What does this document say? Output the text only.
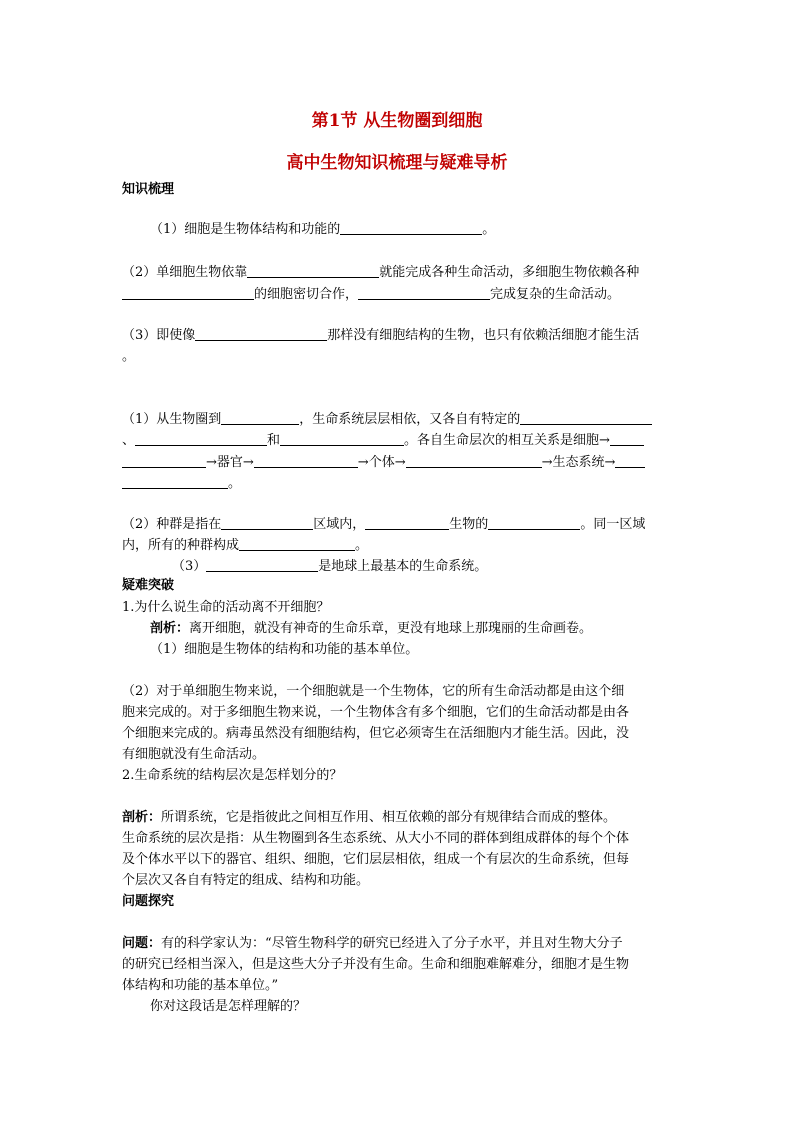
第1节 从生物圈到细胞
高中生物知识梳理与疑难导析
知识梳理
（1）细胞是生物体结构和功能的	。
（2）单细胞生物依靠	就能完成各种生命活动，多细胞生物依赖各种
的细胞密切合作，	完成复杂的生命活动。
（3）即使像	那样没有细胞结构的生物，也只有依赖活细胞才能生活
。
（1）从生物圈到	，生命系统层层相依，又各自有特定的
、	和	。各自生命层次的相互关系是细胞→
→器官→	→个体→	→生态系统→
。
（2）种群是指在	区域内，	生物的	。同一区域
内，所有的种群构成	。
（3）	是地球上最基本的生命系统。
疑难突破
1.为什么说生命的活动离不开细胞？
剖析：离开细胞，就没有神奇的生命乐章，更没有地球上那瑰丽的生命画卷。
（1）细胞是生物体的结构和功能的基本单位。
（2）对于单细胞生物来说，一个细胞就是一个生物体，它的所有生命活动都是由这个细
胞来完成的。对于多细胞生物来说，一个生物体含有多个细胞，它们的生命活动都是由各
个细胞来完成的。病毒虽然没有细胞结构，但它必须寄生在活细胞内才能生活。因此，没
有细胞就没有生命活动。
2.生命系统的结构层次是怎样划分的？
剖析：所谓系统，它是指彼此之间相互作用、相互依赖的部分有规律结合而成的整体。
生命系统的层次是指：从生物圈到各生态系统、从大小不同的群体到组成群体的每个个体
及个体水平以下的器官、组织、细胞，它们层层相依，组成一个有层次的生命系统，但每
个层次又各自有特定的组成、结构和功能。
问题探究
问题：有的科学家认为：“尽管生物科学的研究已经进入了分子水平，并且对生物大分子
的研究已经相当深入，但是这些大分子并没有生命。生命和细胞难解难分，细胞才是生物
体结构和功能的基本单位。”
你对这段话是怎样理解的？
